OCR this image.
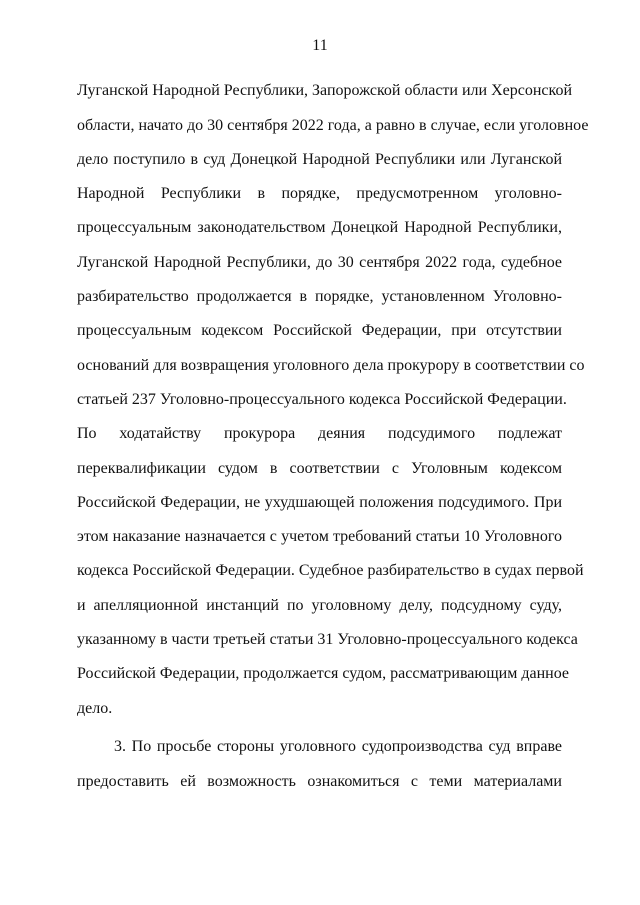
11
Луганской Народной Республики, Запорожской области или Херсонской
области, начато до 30 сентября 2022 года, а равно в случае, если уголовное
дело поступило в суд Донецкой Народной Республики или Луганской
Народной Республики в порядке, предусмотренном уголовно-
процессуальным законодательством Донецкой Народной Республики,
Луганской Народной Республики, до 30 сентября 2022 года, судебное
разбирательство продолжается в порядке, установленном Уголовно-
процессуальным кодексом Российской Федерации, при отсутствии
оснований для возвращения уголовного дела прокурору в соответствии со
статьей 237 Уголовно-процессуального кодекса Российской Федерации.
По ходатайству прокурора деяния подсудимого подлежат
переквалификации судом в соответствии с Уголовным кодексом
Российской Федерации, не ухудшающей положения подсудимого. При
этом наказание назначается с учетом требований статьи 10 Уголовного
кодекса Российской Федерации. Судебное разбирательство в судах первой
и апелляционной инстанций по уголовному делу, подсудному суду,
указанному в части третьей статьи 31 Уголовно-процессуального кодекса
Российской Федерации, продолжается судом, рассматривающим данное
дело.
3. По просьбе стороны уголовного судопроизводства суд вправе
предоставить ей возможность ознакомиться с теми материалами
